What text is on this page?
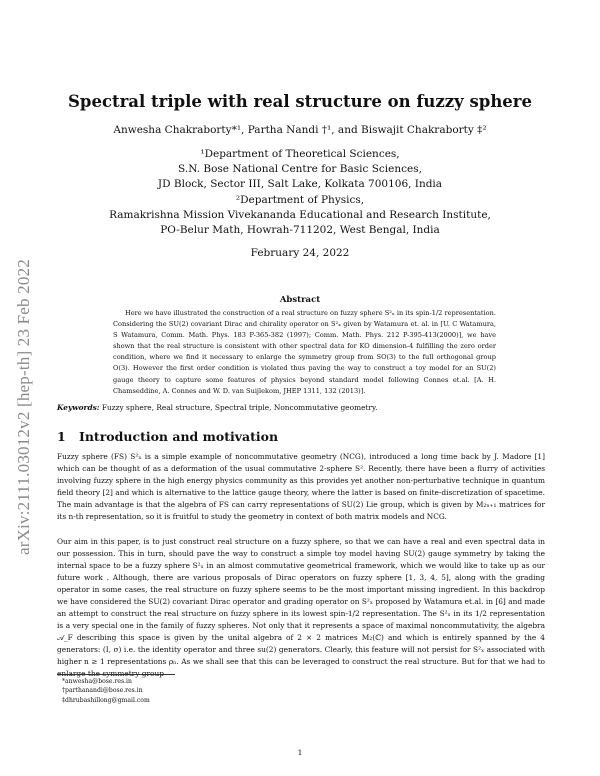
arXiv:2111.03012v2 [hep-th] 23 Feb 2022
Spectral triple with real structure on fuzzy sphere
Anwesha Chakraborty*¹, Partha Nandi †¹, and Biswajit Chakraborty ‡²
¹Department of Theoretical Sciences,
S.N. Bose National Centre for Basic Sciences,
JD Block, Sector III, Salt Lake, Kolkata 700106, India
²Department of Physics,
Ramakrishna Mission Vivekananda Educational and Research Institute,
PO-Belur Math, Howrah-711202, West Bengal, India
February 24, 2022
Abstract

Here we have illustrated the construction of a real structure on fuzzy sphere S²ₓ in its spin-1/2 representation. Considering the SU(2) covariant Dirac and chirality operator on S²ₓ given by Watamura et. al. in [U. C Watamura, S Watamura, Comm. Math. Phys. 183 P-365-382 (1997); Comm. Math. Phys. 212 P-395-413(2000)], we have shown that the real structure is consistent with other spectral data for KO dimension-4 fulfilling the zero order condition, where we find it necessary to enlarge the symmetry group from SO(3) to the full orthogonal group O(3). However the first order condition is violated thus paving the way to construct a toy model for an SU(2) gauge theory to capture some features of physics beyond standard model following Connes et.al. [A. H. Chamseddine, A. Connes and W. D. van Suijlekom, JHEP 1311, 132 (2013)].

Keywords: Fuzzy sphere, Real structure, Spectral triple, Noncommutative geometry.

1 Introduction and motivation

Fuzzy sphere (FS) S²ₓ is a simple example of noncommutative geometry (NCG), introduced a long time back by J. Madore [1] which can be thought of as a deformation of the usual commutative 2-sphere S². Recently, there have been a flurry of activities involving fuzzy sphere in the high energy physics community as this provides yet another non-perturbative technique in quantum field theory [2] and which is alternative to the lattice gauge theory, where the latter is based on finite-discretization of spacetime. The main advantage is that the algebra of FS can carry representations of SU(2) Lie group, which is given by M₂ₙ₊₁ matrices for its n-th representation, so it is fruitful to study the geometry in context of both matrix models and NCG.

Our aim in this paper, is to just construct real structure on a fuzzy sphere, so that we can have a real and even spectral data in our possession. This in turn, should pave the way to construct a simple toy model having SU(2) gauge symmetry by taking the internal space to be a fuzzy sphere S²ₓ in an almost commutative geometrical framework, which we would like to take up as our future work . Although, there are various proposals of Dirac operators on fuzzy sphere [1, 3, 4, 5], along with the grading operator in some cases, the real structure on fuzzy sphere seems to be the most important missing ingredient. In this backdrop we have considered the SU(2) covariant Dirac operator and grading operator on S²ₓ proposed by Watamura et.al. in [6] and made an attempt to construct the real structure on fuzzy sphere in its lowest spin-1/2 representation. The S²ₓ in its 1/2 representation is a very special one in the family of fuzzy spheres. Not only that it represents a space of maximal noncommutativity, the algebra 𝒜_F describing this space is given by the unital algebra of 2 × 2 matrices M₂(ℂ) and which is entirely spanned by the 4 generators: (I, σ) i.e. the identity operator and three su(2) generators. Clearly, this feature will not persist for S²ₓ associated with higher n ≥ 1 representations ρₙ. As we shall see that this can be leveraged to construct the real structure. But for that we had to enlarge the symmetry group

*anwesha@bose.res.in
†parthanandi@bose.res.in
‡dhrubashillong@gmail.com
1
